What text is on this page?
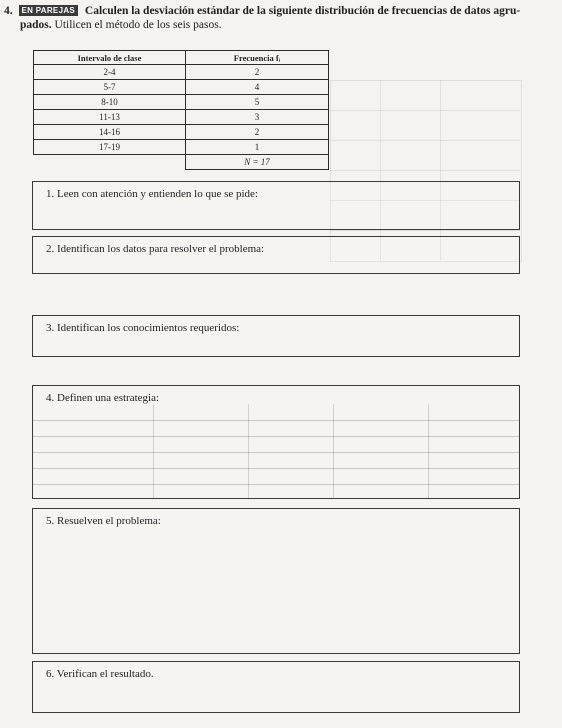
4. EN PAREJAS Calculen la desviación estándar de la siguiente distribución de frecuencias de datos agru-
pados. Utilicen el método de los seis pasos.
Intervalo de clase	Frecuencia fᵢ
2-4	2
5-7	4
8-10	5
11-13	3
14-16	2
17-19	1
	N = 17
1. Leen con atención y entienden lo que se pide:
2. Identifican los datos para resolver el problema:
3. Identifican los conocimientos requeridos:
4. Definen una estrategia:
5. Resuelven el problema:
6. Verifican el resultado.
